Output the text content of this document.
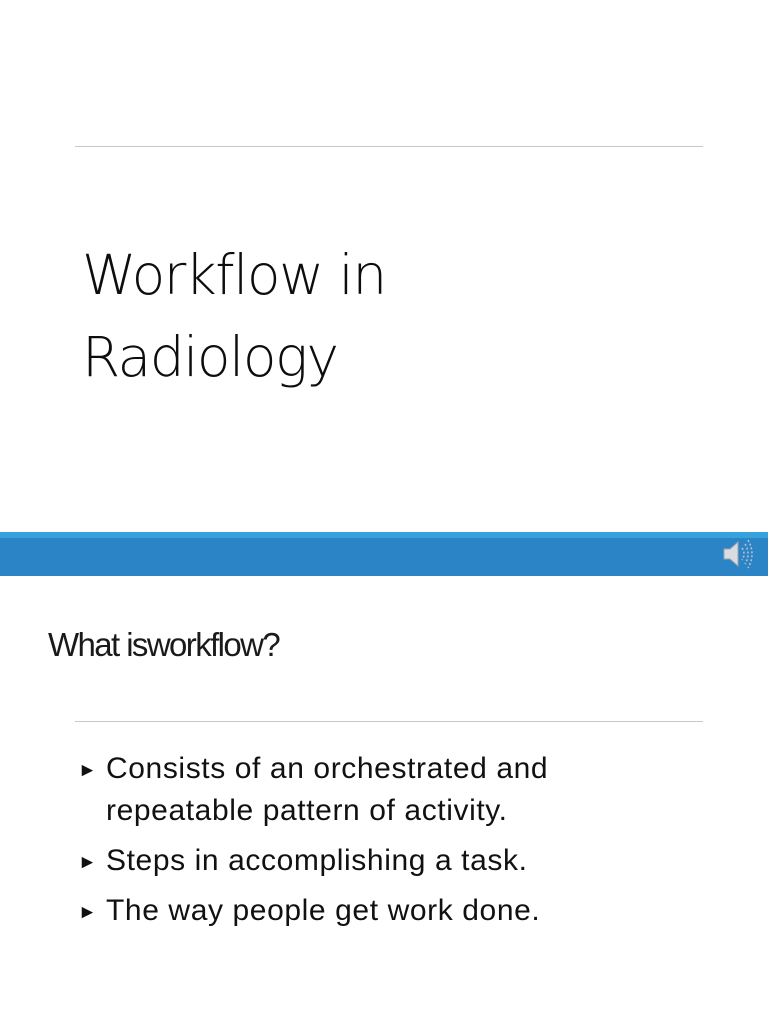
Workflow in
Radiology
What isworkflow?
► Consists of an orchestrated and repeatable pattern of activity.
► Steps in accomplishing a task.
► The way people get work done.
